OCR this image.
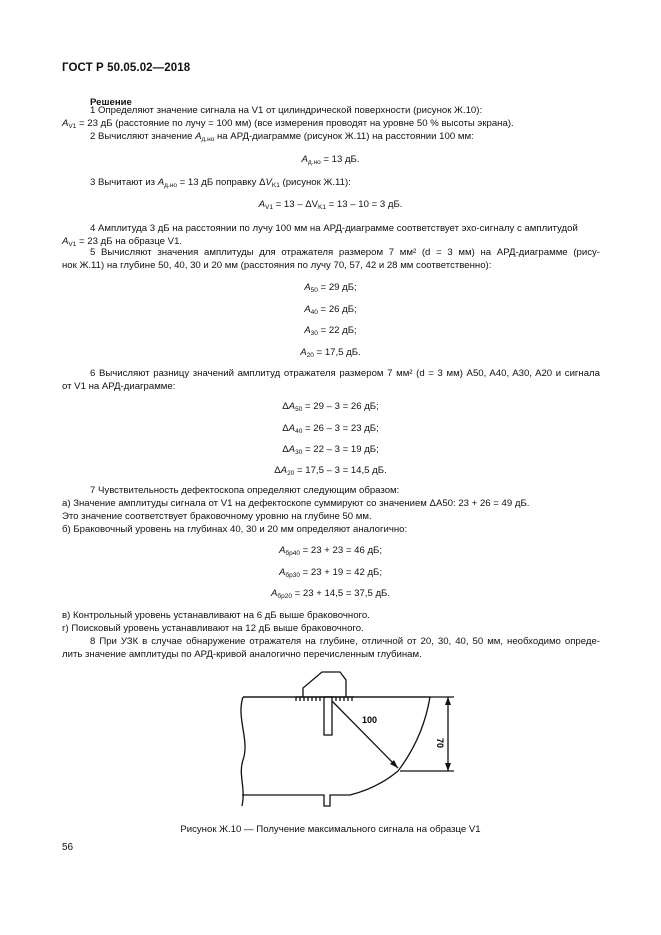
ГОСТ Р 50.05.02—2018
Решение
1 Определяют значение сигнала на V1 от цилиндрической поверхности (рисунок Ж.10):
$A_{V1} = 23$ дБ (расстояние по лучу = 100 мм) (все измерения проводят на уровне 50 % высоты экрана).
2 Вычисляют значение $A_{д.но}$ на АРД-диаграмме (рисунок Ж.11) на расстоянии 100 мм:
$A_{д.но} = 13$ дБ.
3 Вычитают из $A_{д.но} = 13$ дБ поправку $\Delta V_{K1}$ (рисунок Ж.11):
$A_{V1} = 13 - \Delta V_{K1} = 13 - 10 = 3$ дБ.
4 Амплитуда 3 дБ на расстоянии по лучу 100 мм на АРД-диаграмме соответствует эхо-сигналу с амплитудой
$A_{V1} = 23$ дБ на образце V1.
5 Вычисляют значения амплитуды для отражателя размером 7 мм² (d = 3 мм) на АРД-диаграмме (рису-
нок Ж.11) на глубине 50, 40, 30 и 20 мм (расстояния по лучу 70, 57, 42 и 28 мм соответственно):
$A_{50} = 29$ дБ;
$A_{40} = 26$ дБ;
$A_{30} = 22$ дБ;
$A_{20} = 17,5$ дБ.
6 Вычисляют разницу значений амплитуд отражателя размером 7 мм² (d = 3 мм) A50, A40, A30, A20 и сигнала
от V1 на АРД-диаграмме:
$\Delta A_{50} = 29 - 3 = 26$ дБ;
$\Delta A_{40} = 26 - 3 = 23$ дБ;
$\Delta A_{30} = 22 - 3 = 19$ дБ;
$\Delta A_{20} = 17,5 - 3 = 14,5$ дБ.
7 Чувствительность дефектоскопа определяют следующим образом:
а) Значение амплитуды сигнала от V1 на дефектоскопе суммируют со значением ΔA50: 23 + 26 = 49 дБ.
Это значение соответствует браковочному уровню на глубине 50 мм.
б) Браковочный уровень на глубинах 40, 30 и 20 мм определяют аналогично:
$A_{бр40} = 23 + 23 = 46$ дБ;
$A_{бр30} = 23 + 19 = 42$ дБ;
$A_{бр20} = 23 + 14,5 = 37,5$ дБ.
в) Контрольный уровень устанавливают на 6 дБ выше браковочного.
г) Поисковый уровень устанавливают на 12 дБ выше браковочного.
8 При УЗК в случае обнаружение отражателя на глубине, отличной от 20, 30, 40, 50 мм, необходимо опреде-
лить значение амплитуды по АРД-кривой аналогично перечисленным глубинам.
100
70
Рисунок Ж.10 — Получение максимального сигнала на образце V1
56
